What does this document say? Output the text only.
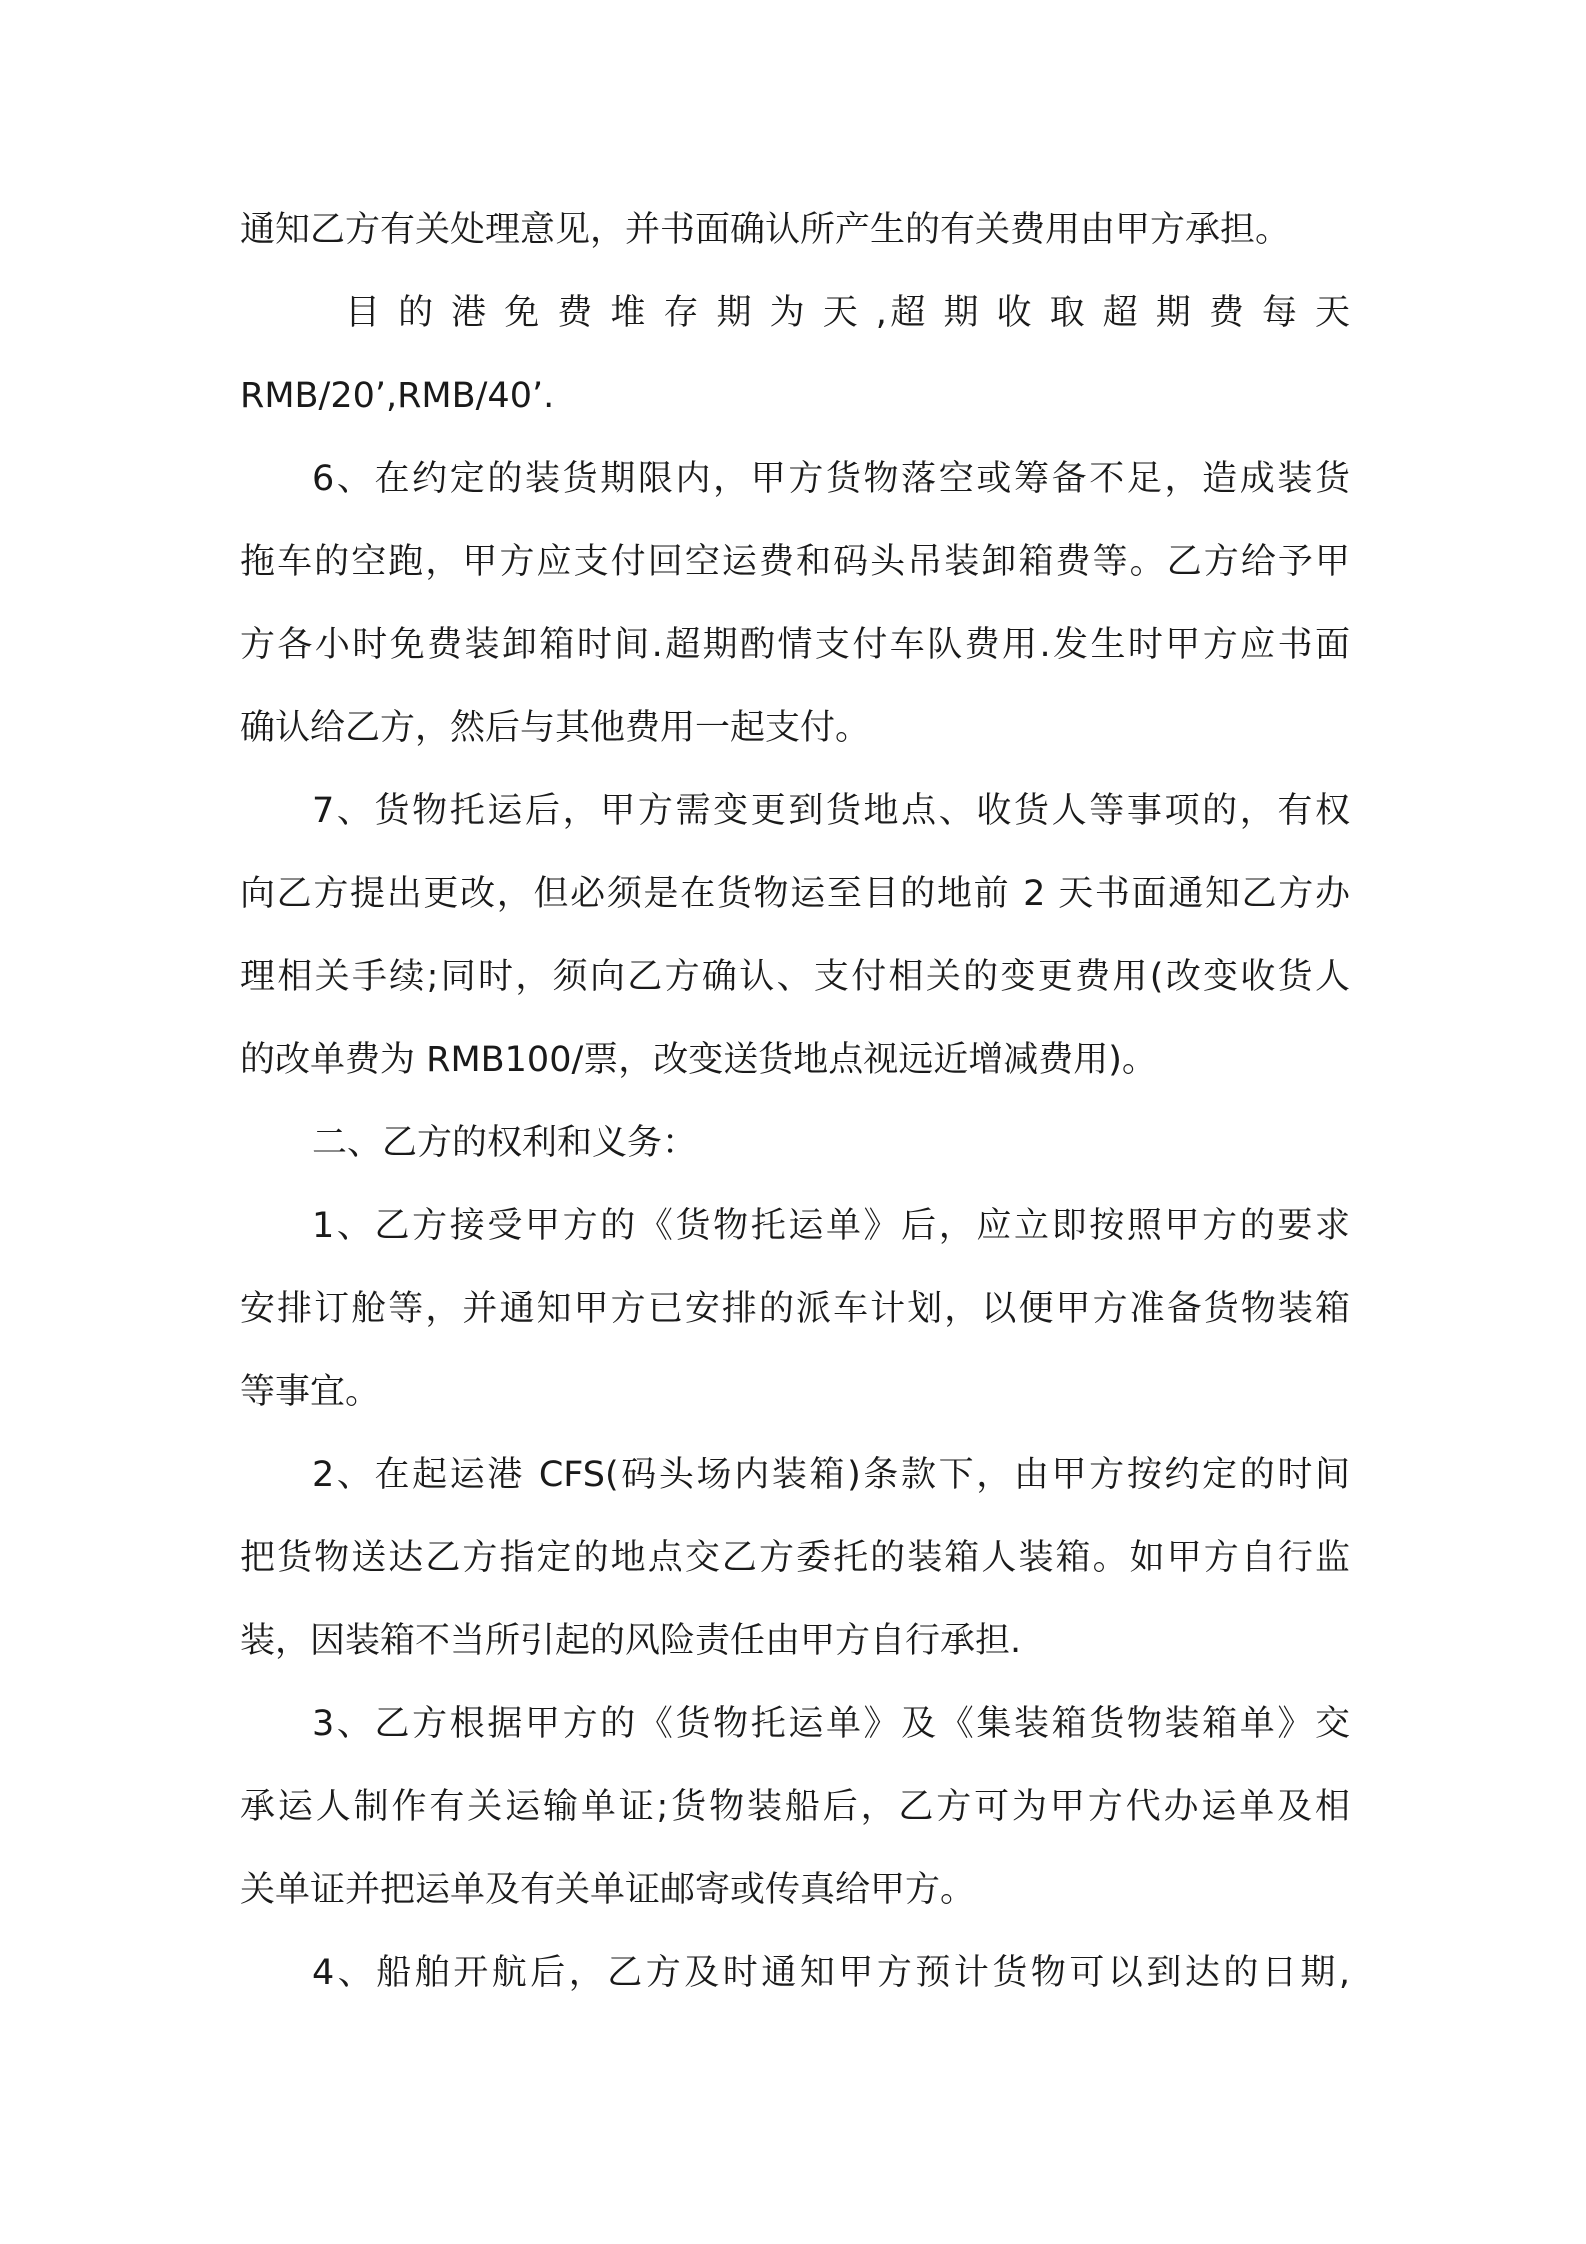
通知乙方有关处理意见，并书面确认所产生的有关费用由甲方承担。
目 的 港 免 费 堆 存 期 为 天 ,超 期 收 取 超 期 费 每 天
RMB/20’,RMB/40’.
6、在约定的装货期限内，甲方货物落空或筹备不足，造成装货
拖车的空跑，甲方应支付回空运费和码头吊装卸箱费等。乙方给予甲
方各小时免费装卸箱时间.超期酌情支付车队费用.发生时甲方应书面
确认给乙方，然后与其他费用一起支付。
7、货物托运后，甲方需变更到货地点、收货人等事项的，有权
向乙方提出更改，但必须是在货物运至目的地前 2 天书面通知乙方办
理相关手续;同时，须向乙方确认、支付相关的变更费用(改变收货人
的改单费为 RMB100/票，改变送货地点视远近增减费用)。
二、乙方的权利和义务：
1、乙方接受甲方的《货物托运单》后，应立即按照甲方的要求
安排订舱等，并通知甲方已安排的派车计划，以便甲方准备货物装箱
等事宜。
2、在起运港 CFS(码头场内装箱)条款下，由甲方按约定的时间
把货物送达乙方指定的地点交乙方委托的装箱人装箱。如甲方自行监
装，因装箱不当所引起的风险责任由甲方自行承担.
3、乙方根据甲方的《货物托运单》及《集装箱货物装箱单》交
承运人制作有关运输单证;货物装船后，乙方可为甲方代办运单及相
关单证并把运单及有关单证邮寄或传真给甲方。
4、船舶开航后，乙方及时通知甲方预计货物可以到达的日期,
